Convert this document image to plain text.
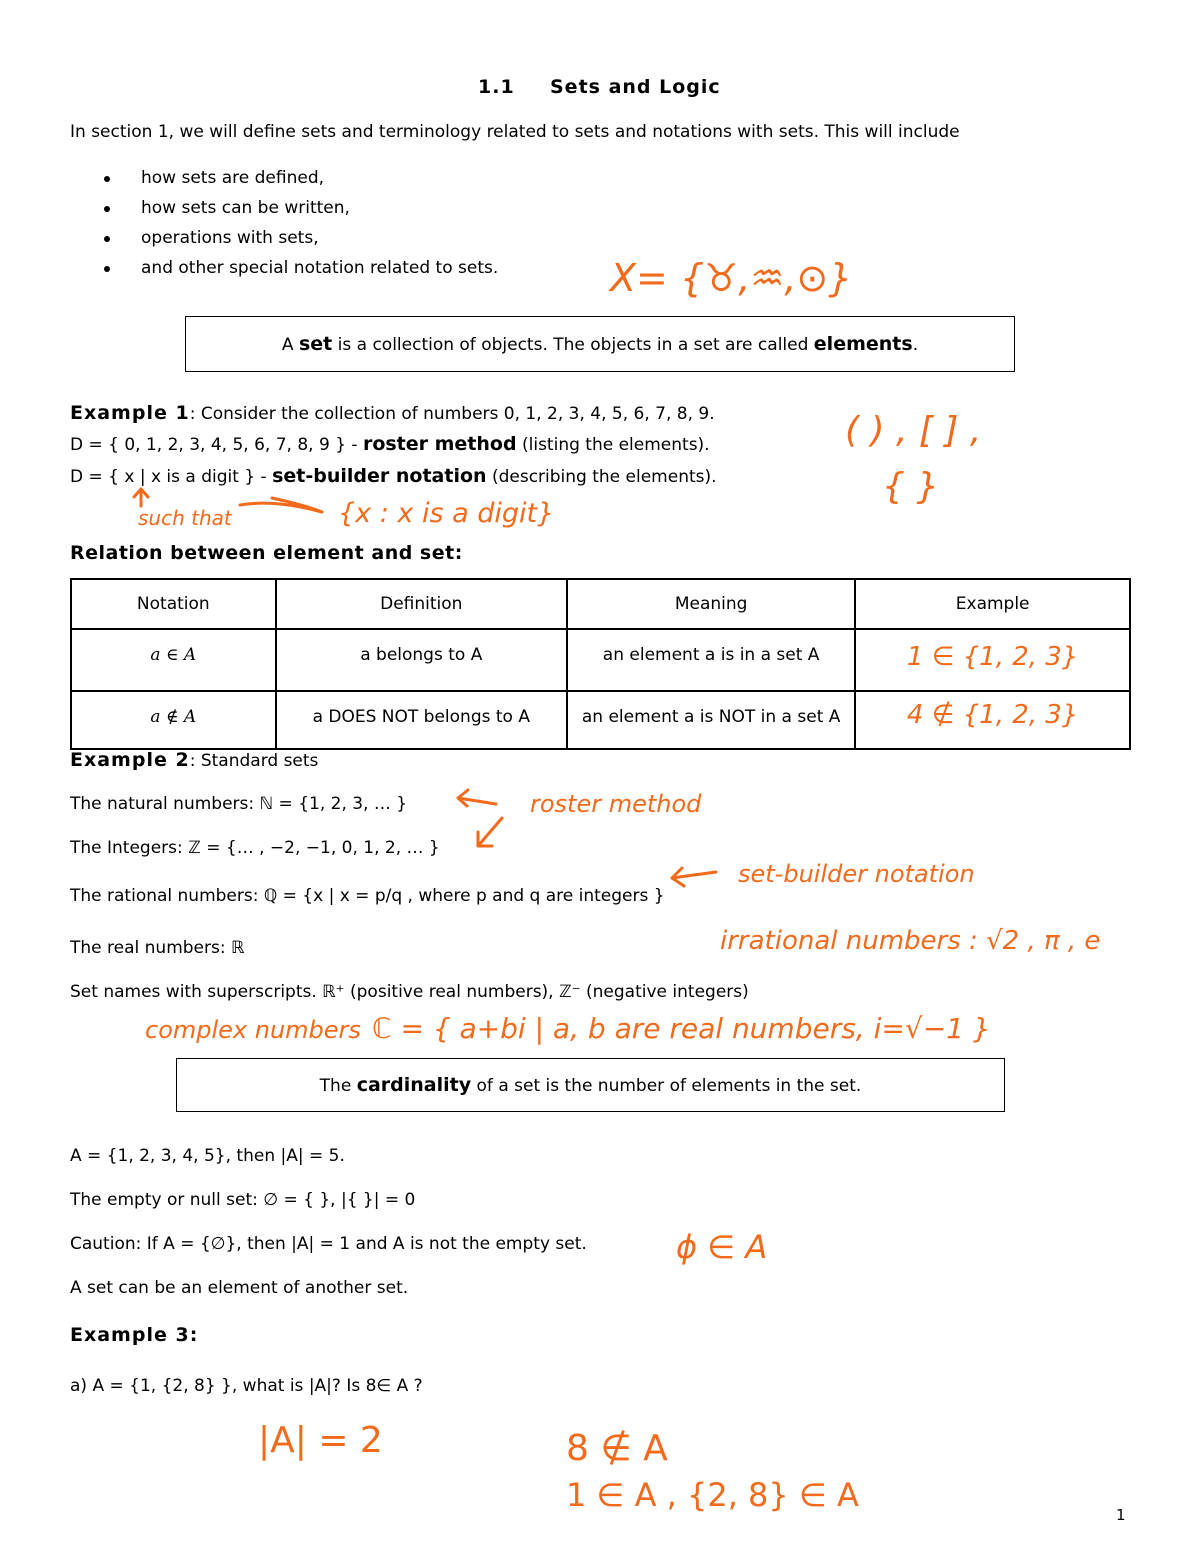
1.1 Sets and Logic
In section 1, we will define sets and terminology related to sets and notations with sets. This will include
how sets are defined,
how sets can be written,
operations with sets,
and other special notation related to sets.	X= {♉,♒,⊙}
A set is a collection of objects. The objects in a set are called elements.
Example 1: Consider the collection of numbers 0, 1, 2, 3, 4, 5, 6, 7, 8, 9.
D = { 0, 1, 2, 3, 4, 5, 6, 7, 8, 9 } - roster method (listing the elements).
D = { x | x is a digit } - set-builder notation (describing the elements).
( ) , [ ] ,
{ }
such that	{x : x is a digit}
Relation between element and set:
Notation	Definition	Meaning	Example
a ∈ A	a belongs to A	an element a is in a set A	1 ∈ {1, 2, 3}
a ∉ A	a DOES NOT belongs to A	an element a is NOT in a set A	4 ∉ {1, 2, 3}
Example 2: Standard sets
The natural numbers: ℕ = {1, 2, 3, … }
The Integers: ℤ = {… , −2, −1, 0, 1, 2, … }
The rational numbers: ℚ = {x | x = p/q , where p and q are integers }
The real numbers: ℝ
Set names with superscripts. ℝ⁺ (positive real numbers), ℤ⁻ (negative integers)
roster method
set-builder notation
irrational numbers : √2 , π , e
complex numbers ℂ = { a+bi | a, b are real numbers, i=√−1 }
The cardinality of a set is the number of elements in the set.
A = {1, 2, 3, 4, 5}, then |A| = 5.
The empty or null set: ∅ = { }, |{ }| = 0
Caution: If A = {∅}, then |A| = 1 and A is not the empty set.
A set can be an element of another set.
ϕ ∈ A
Example 3:
a) A = {1, {2, 8} }, what is |A|? Is 8∈ A ?
|A| = 2	8 ∉ A
1 ∈ A , {2, 8} ∈ A
1
